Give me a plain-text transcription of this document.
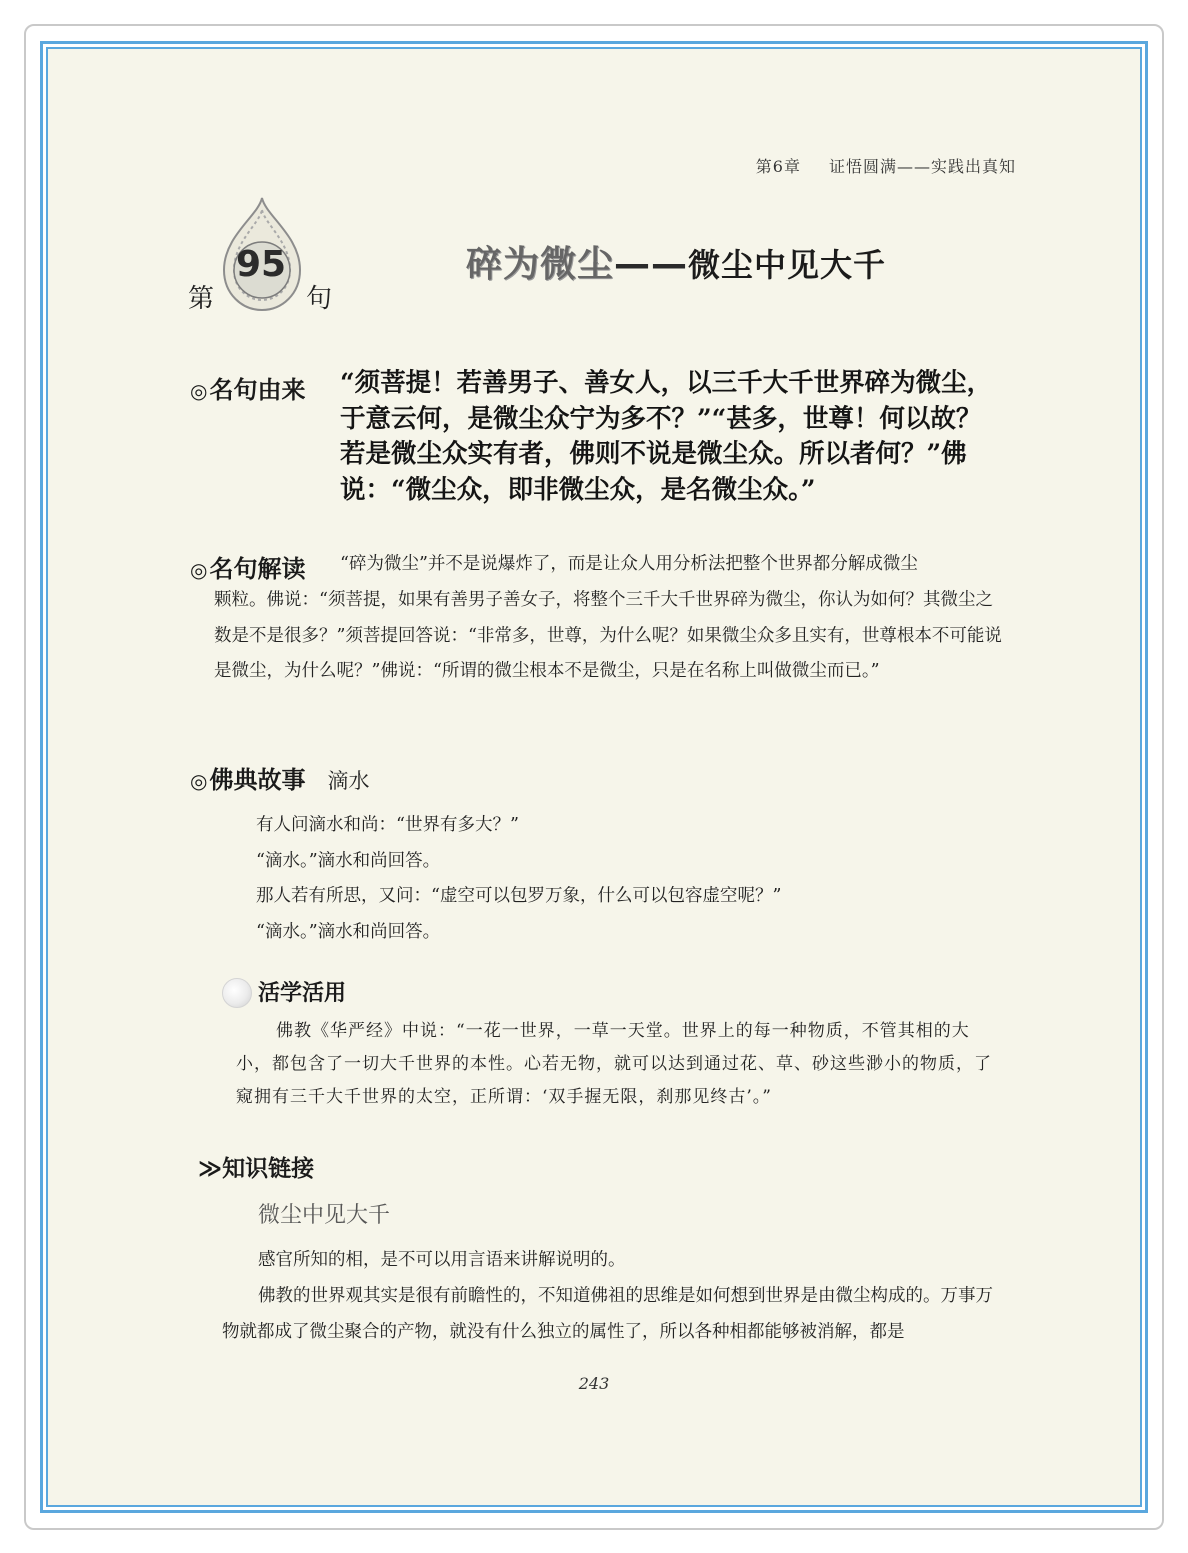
第6章 证悟圆满——实践出真知
第
95
句
碎为微尘——微尘中见大千
◎名句由来 “须菩提！若善男子、善女人，以三千大千世界碎为微尘，于意云何，是微尘众宁为多不？”“甚多，世尊！何以故？若是微尘众实有者，佛则不说是微尘众。所以者何？”佛说：“微尘众，即非微尘众，是名微尘众。”
◎名句解读 “碎为微尘”并不是说爆炸了，而是让众人用分析法把整个世界都分解成微尘
颗粒。佛说：“须菩提，如果有善男子善女子，将整个三千大千世界碎为微尘，你认为如何？其微尘之数是不是很多？”须菩提回答说：“非常多，世尊，为什么呢？如果微尘众多且实有，世尊根本不可能说是微尘，为什么呢？”佛说：“所谓的微尘根本不是微尘，只是在名称上叫做微尘而已。”
◎佛典故事 滴水
有人问滴水和尚：“世界有多大？”
“滴水。”滴水和尚回答。
那人若有所思，又问：“虚空可以包罗万象，什么可以包容虚空呢？”
“滴水。”滴水和尚回答。
活学活用
佛教《华严经》中说：“一花一世界，一草一天堂。世界上的每一种物质，不管其相的大小，都包含了一切大千世界的本性。心若无物，就可以达到通过花、草、砂这些渺小的物质，了窥拥有三千大千世界的太空，正所谓：‘双手握无限，刹那见终古’。”
≫知识链接
微尘中见大千
感官所知的相，是不可以用言语来讲解说明的。
佛教的世界观其实是很有前瞻性的，不知道佛祖的思维是如何想到世界是由微尘构成的。万事万物就都成了微尘聚合的产物，就没有什么独立的属性了，所以各种相都能够被消解，都是
243
